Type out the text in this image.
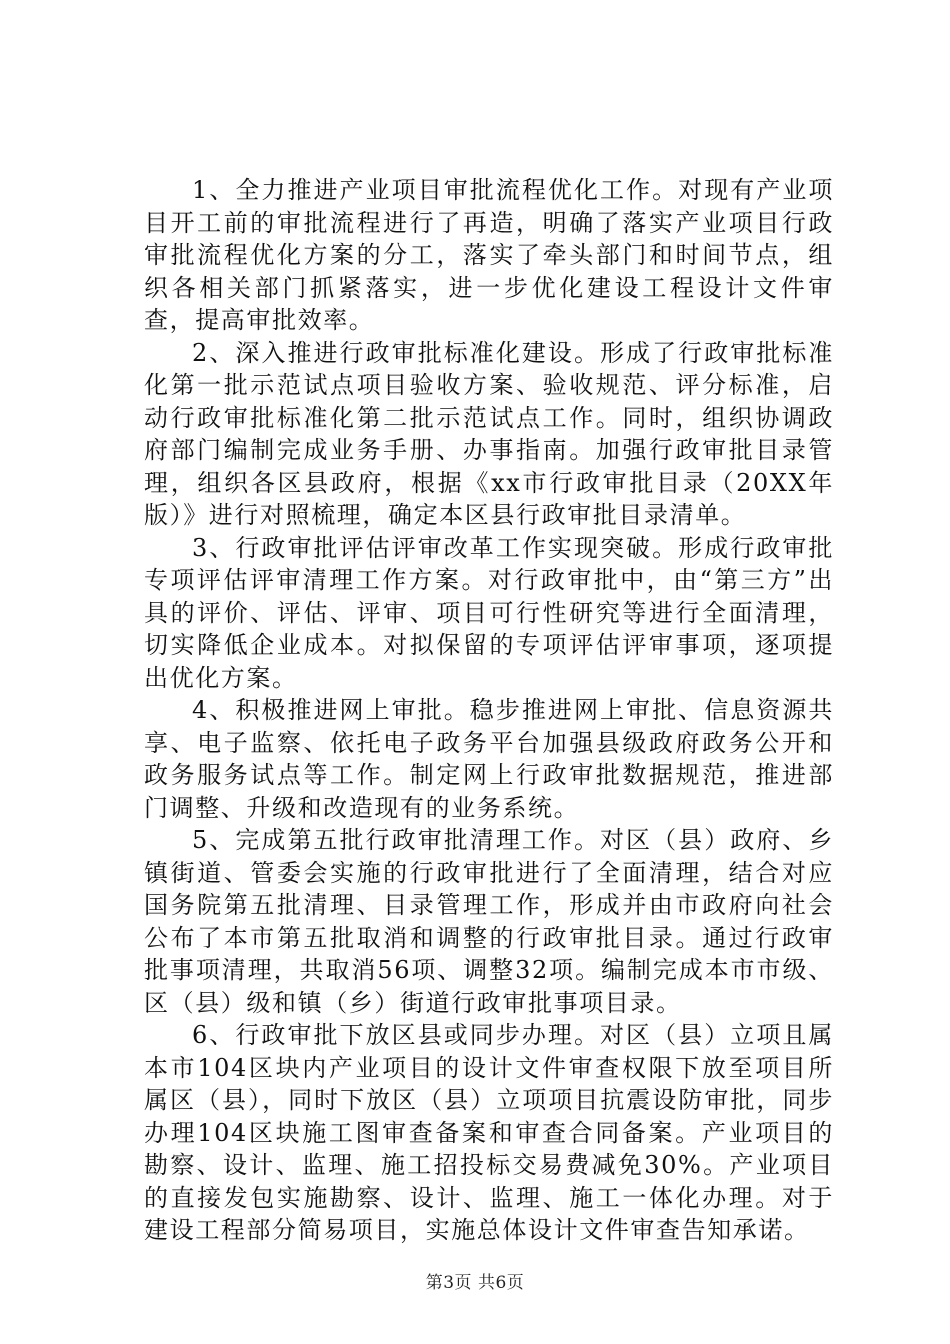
1、全力推进产业项目审批流程优化工作。对现有产业项目开工前的审批流程进行了再造，明确了落实产业项目行政审批流程优化方案的分工，落实了牵头部门和时间节点，组织各相关部门抓紧落实，进一步优化建设工程设计文件审查，提高审批效率。

2、深入推进行政审批标准化建设。形成了行政审批标准化第一批示范试点项目验收方案、验收规范、评分标准，启动行政审批标准化第二批示范试点工作。同时，组织协调政府部门编制完成业务手册、办事指南。加强行政审批目录管理，组织各区县政府，根据《xx市行政审批目录（20XX年版）》进行对照梳理，确定本区县行政审批目录清单。

3、行政审批评估评审改革工作实现突破。形成行政审批专项评估评审清理工作方案。对行政审批中，由“第三方”出具的评价、评估、评审、项目可行性研究等进行全面清理，切实降低企业成本。对拟保留的专项评估评审事项，逐项提出优化方案。

4、积极推进网上审批。稳步推进网上审批、信息资源共享、电子监察、依托电子政务平台加强县级政府政务公开和政务服务试点等工作。制定网上行政审批数据规范，推进部门调整、升级和改造现有的业务系统。

5、完成第五批行政审批清理工作。对区（县）政府、乡镇街道、管委会实施的行政审批进行了全面清理，结合对应国务院第五批清理、目录管理工作，形成并由市政府向社会公布了本市第五批取消和调整的行政审批目录。通过行政审批事项清理，共取消56项、调整32项。编制完成本市市级、区（县）级和镇（乡）街道行政审批事项目录。

6、行政审批下放区县或同步办理。对区（县）立项且属本市104区块内产业项目的设计文件审查权限下放至项目所属区（县），同时下放区（县）立项项目抗震设防审批，同步办理104区块施工图审查备案和审查合同备案。产业项目的勘察、设计、监理、施工招投标交易费减免30%。产业项目的直接发包实施勘察、设计、监理、施工一体化办理。对于建设工程部分简易项目，实施总体设计文件审查告知承诺。

第3页 共6页
